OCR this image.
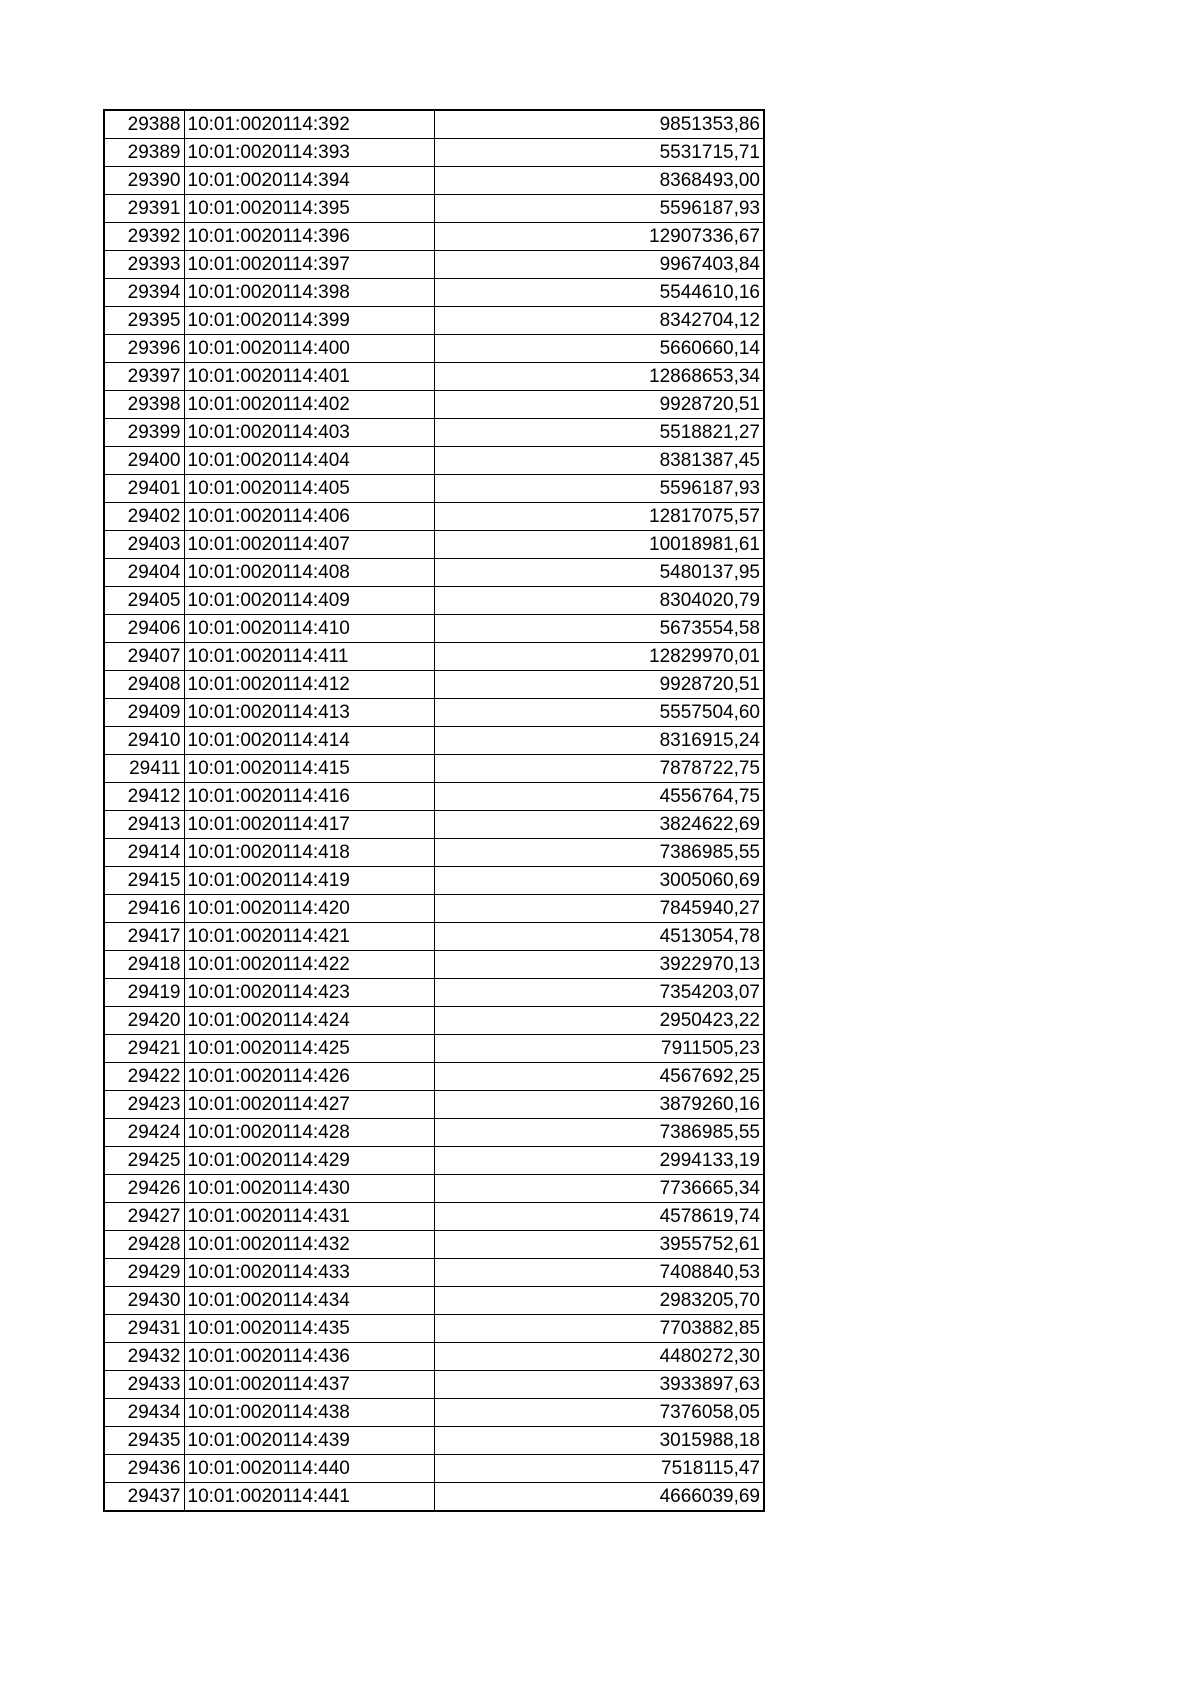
29388	10:01:0020114:392	9851353,86
29389	10:01:0020114:393	5531715,71
29390	10:01:0020114:394	8368493,00
29391	10:01:0020114:395	5596187,93
29392	10:01:0020114:396	12907336,67
29393	10:01:0020114:397	9967403,84
29394	10:01:0020114:398	5544610,16
29395	10:01:0020114:399	8342704,12
29396	10:01:0020114:400	5660660,14
29397	10:01:0020114:401	12868653,34
29398	10:01:0020114:402	9928720,51
29399	10:01:0020114:403	5518821,27
29400	10:01:0020114:404	8381387,45
29401	10:01:0020114:405	5596187,93
29402	10:01:0020114:406	12817075,57
29403	10:01:0020114:407	10018981,61
29404	10:01:0020114:408	5480137,95
29405	10:01:0020114:409	8304020,79
29406	10:01:0020114:410	5673554,58
29407	10:01:0020114:411	12829970,01
29408	10:01:0020114:412	9928720,51
29409	10:01:0020114:413	5557504,60
29410	10:01:0020114:414	8316915,24
29411	10:01:0020114:415	7878722,75
29412	10:01:0020114:416	4556764,75
29413	10:01:0020114:417	3824622,69
29414	10:01:0020114:418	7386985,55
29415	10:01:0020114:419	3005060,69
29416	10:01:0020114:420	7845940,27
29417	10:01:0020114:421	4513054,78
29418	10:01:0020114:422	3922970,13
29419	10:01:0020114:423	7354203,07
29420	10:01:0020114:424	2950423,22
29421	10:01:0020114:425	7911505,23
29422	10:01:0020114:426	4567692,25
29423	10:01:0020114:427	3879260,16
29424	10:01:0020114:428	7386985,55
29425	10:01:0020114:429	2994133,19
29426	10:01:0020114:430	7736665,34
29427	10:01:0020114:431	4578619,74
29428	10:01:0020114:432	3955752,61
29429	10:01:0020114:433	7408840,53
29430	10:01:0020114:434	2983205,70
29431	10:01:0020114:435	7703882,85
29432	10:01:0020114:436	4480272,30
29433	10:01:0020114:437	3933897,63
29434	10:01:0020114:438	7376058,05
29435	10:01:0020114:439	3015988,18
29436	10:01:0020114:440	7518115,47
29437	10:01:0020114:441	4666039,69
